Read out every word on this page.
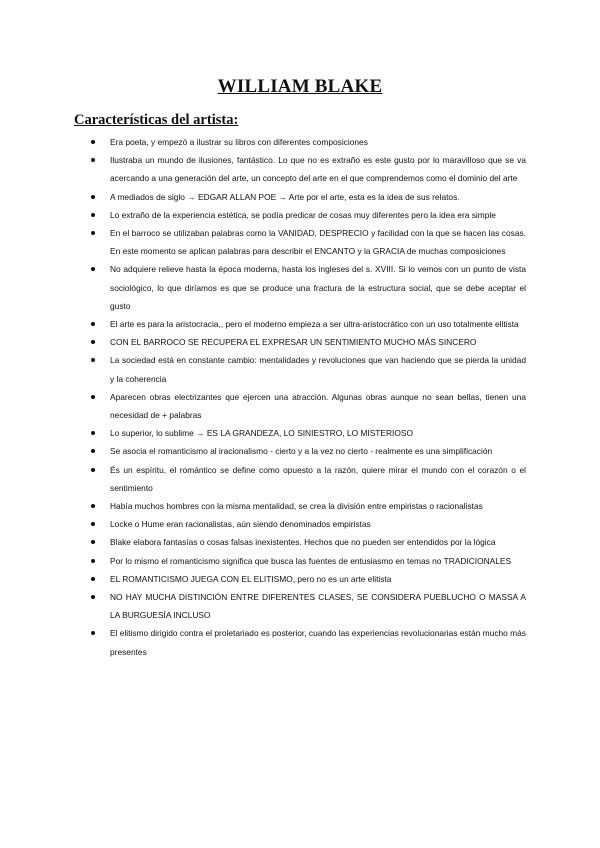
WILLIAM BLAKE
Características del artista:
Era poeta, y empezó a ilustrar su libros con diferentes composiciones
Ilustraba un mundo de ilusiones, fantástico. Lo que no es extraño es este gusto por lo maravilloso que se va acercando a una generación del arte, un concepto del arte en el que comprendemos como el dominio del arte
A mediados de siglo → EDGAR ALLAN POE → Arte por el arte, esta es la idea de sus relatos.
Lo extraño de la experiencia estética, se podía predicar de cosas muy diferentes pero la idea era simple
En el barroco se utilizaban palabras como la VANIDAD, DESPRECIO y facilidad con la que se hacen las cosas. En este momento se aplican palabras para describir el ENCANTO y la GRACIA de muchas composiciones
No adquiere relieve hasta la época moderna, hasta los ingleses del s. XVIII. Si lo vemos con un punto de vista sociológico, lo que diríamos es que se produce una fractura de la estructura social, que se debe aceptar el gusto
El arte es para la aristocracia,, pero el moderno empieza a ser ultra-aristocrático con un uso totalmente elitista
CON EL BARROCO SE RECUPERA EL EXPRESAR UN SENTIMIENTO MUCHO MÁS SINCERO
La sociedad está en constante cambio: mentalidades y revoluciones que van haciendo que se pierda la unidad y la coherencia
Aparecen obras electrizantes que ejercen una atracción. Algunas obras aunque no sean bellas, tienen una necesidad de + palabras
Lo superior, lo sublime → ES LA GRANDEZA, LO SINIESTRO, LO MISTERIOSO
Se asocia el romanticismo al iracionalismo - cierto y a la vez no cierto - realmente es una simplificación
És un espíritu, el romántico se define como opuesto a la razón, quiere mirar el mundo con el corazón o el sentimiento
Había muchos hombres con la misma mentalidad, se crea la división entre empiristas o racionalistas
Locke o Hume eran racionalistas, aún siendo denominados empiristas
Blake elabora fantasías o cosas falsas inexistentes. Hechos que no pueden ser entendidos por la lógica
Por lo mismo el romanticismo significa que busca las fuentes de entusiasmo en temas no TRADICIONALES
EL ROMANTICISMO JUEGA CON EL ELITISMO, pero no es un arte elitista
NO HAY MUCHA DISTINCIÓN ENTRE DIFERENTES CLASES, SE CONSIDERA PUEBLUCHO O MASSA A LA BURGUESÍA INCLUSO
El elitismo dirigido contra el proletariado es posterior, cuando las experiencias revolucionarias están mucho más presentes
